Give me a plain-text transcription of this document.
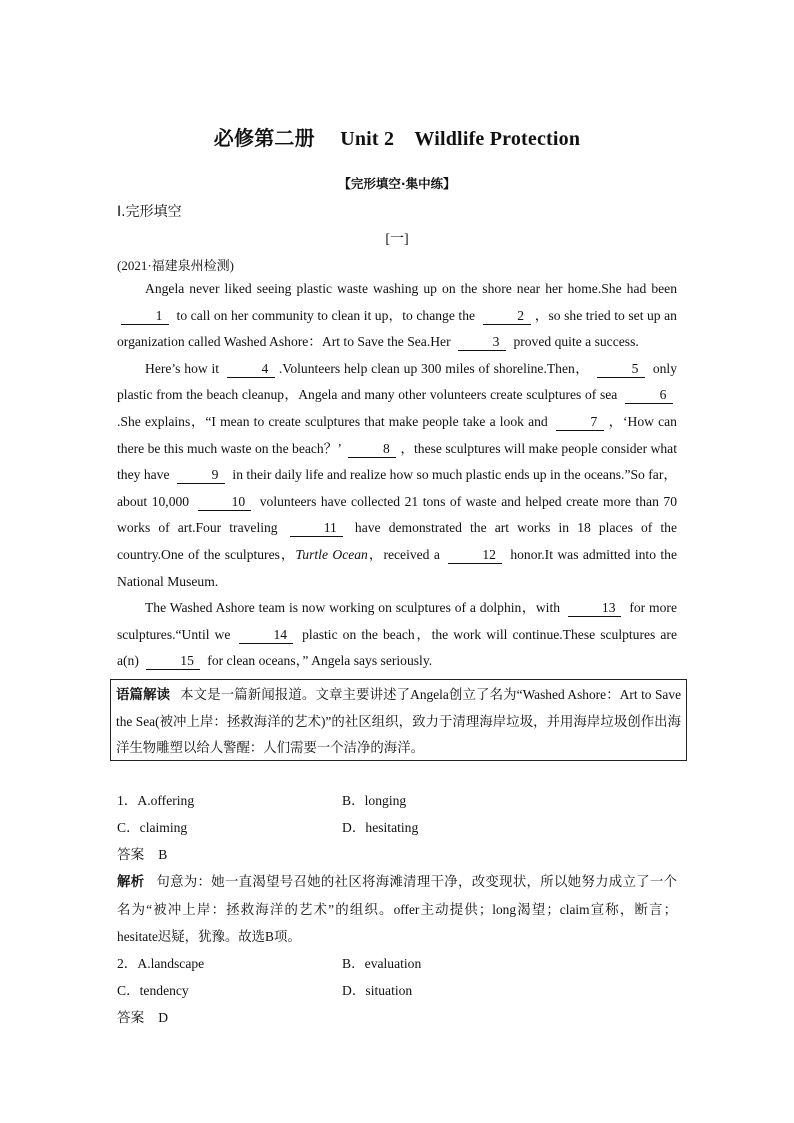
必修第二册　 Unit 2　Wildlife Protection
【完形填空·集中练】
Ⅰ.完形填空
[一]
(2021·福建泉州检测)

Angela never liked seeing plastic waste washing up on the shore near her home.She had been 1 to call on her community to clean it up，to change the	2 ，so she tried to set up an organization called Washed Ashore：Art to Save the Sea.Her	3 proved quite a success.

Here’s how it	4 .Volunteers help clean up 300 miles of shoreline.Then，	5 only plastic from the beach cleanup，Angela and many other volunteers create sculptures of sea	6.She explains，“I mean to create sculptures that make people take a look and	7 ，‘How can there be this much waste on the beach？’	8 ，these sculptures will make people consider what they have	9 in their daily life and realize how so much plastic ends up in the oceans.”So far，about 10,000	10 volunteers have collected 21 tons of waste and helped create more than 70 works of art.Four traveling	11 have demonstrated the art works in 18 places of the country.One of the sculptures，Turtle Ocean，received a	12 honor.It was admitted into the National Museum.

The Washed Ashore team is now working on sculptures of a dolphin，with	13 for more sculptures.“Until we	14 plastic on the beach，the work will continue.These sculptures are a(n)	15 for clean oceans，” Angela says seriously.

语篇解读 本文是一篇新闻报道。文章主要讲述了Angela创立了名为“Washed Ashore：Art to Save the Sea(被冲上岸：拯救海洋的艺术)”的社区组织，致力于清理海岸垃圾，并用海岸垃圾创作出海洋生物雕塑以给人警醒：人们需要一个洁净的海洋。
1．A.offering	B．longing
C．claiming	D．hesitating
答案 B
解析 句意为：她一直渴望号召她的社区将海滩清理干净，改变现状，所以她努力成立了一个名为“被冲上岸：拯救海洋的艺术”的组织。offer主动提供；long渴望；claim宣称，断言；hesitate迟疑，犹豫。故选B项。
2．A.landscape	B．evaluation
C．tendency	D．situation
答案 D
